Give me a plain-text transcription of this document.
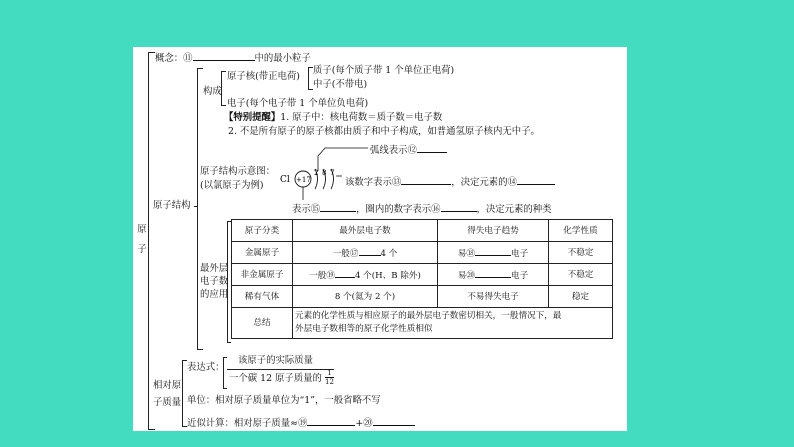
原
子
概念：⑪	中的最小粒子
原子结构
构成
原子核(带正电荷)
质子(每个质子带 1 个单位正电荷)
中子(不带电)
电子(每个电子带 1 个单位负电荷)
【特别提醒】1. 原子中：核电荷数＝质子数＝电子数
2. 不是所有原子的原子核都由质子和中子构成，如普通氢原子核内无中子。
原子结构示意图：
(以氯原子为例) Cl +17
2 8 7
弧线表示⑫
该数字表示⑬	，决定元素的⑭
表示⑮	，圈内的数字表示⑯	，决定元素的种类
最外层
电子数
的应用
原子分类	最外层电子数	得失电子趋势	化学性质
金属原子	一般⑰ 4 个	易⑱ 电子	不稳定
非金属原子	一般⑲ 4 个(H、B 除外)	易⑳ 电子	不稳定
稀有气体	8 个(氦为 2 个)	不易得失电子	稳定
总结	元素的化学性质与相应原子的最外层电子数密切相关，一般情况下，最
外层电子数相等的原子化学性质相似		
相对原
子质量
表达式：
该原子的实际质量
一个碳 12 原子质量的 $\frac{1}{12}$
单位：相对原子质量单位为“1”，一般省略不写
近似计算：相对原子质量≈⑲	+⑳
